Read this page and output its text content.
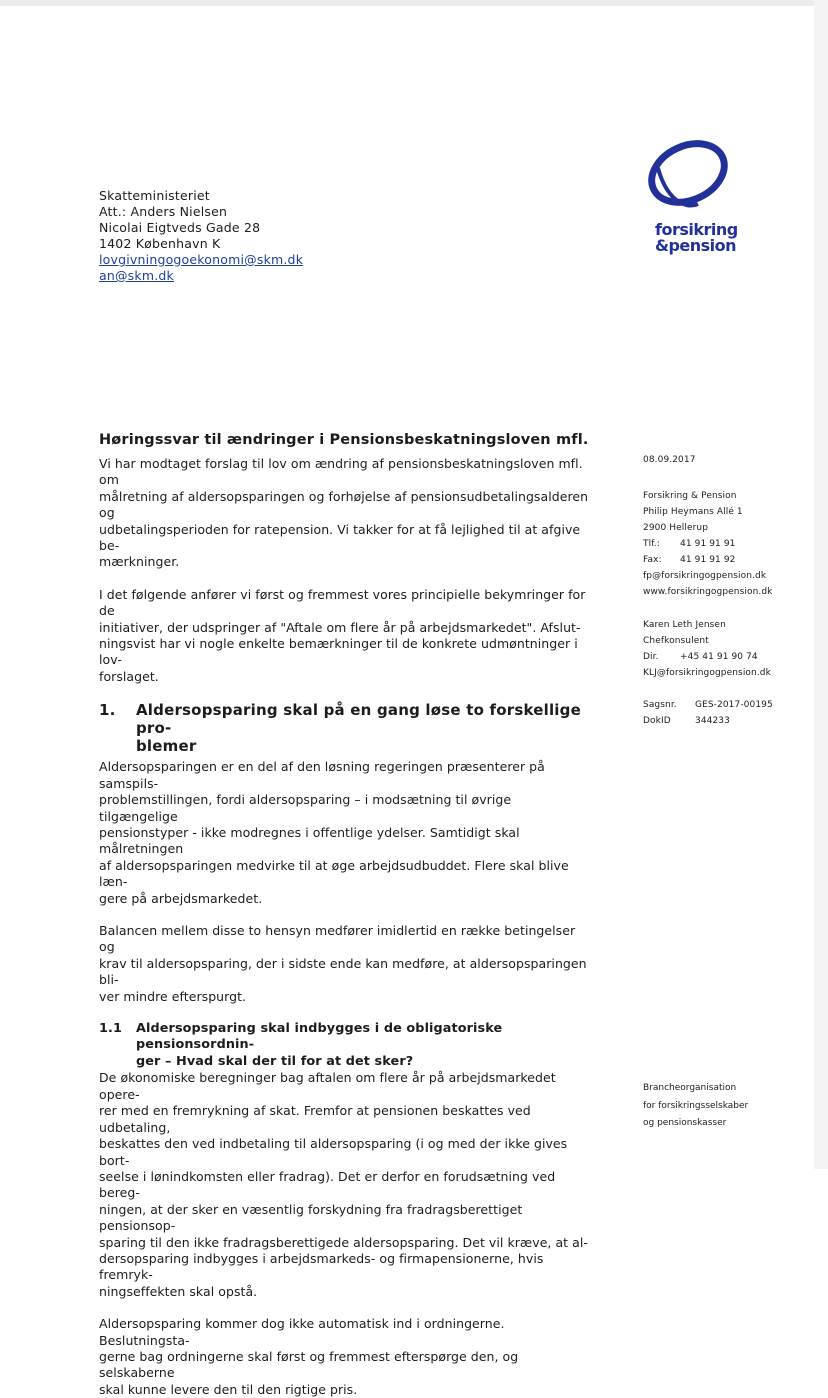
Skatteministeriet
Att.: Anders Nielsen
Nicolai Eigtveds Gade 28
1402 København K
lovgivningogoekonomi@skm.dk
an@skm.dk
forsikring
&pension

Høringssvar til ændringer i Pensionsbeskatningsloven mfl.

Vi har modtaget forslag til lov om ændring af pensionsbeskatningsloven mfl. om
målretning af aldersopsparingen og forhøjelse af pensionsudbetalingsalderen og
udbetalingsperioden for ratepension. Vi takker for at få lejlighed til at afgive be-
mærkninger.

I det følgende anfører vi først og fremmest vores principielle bekymringer for de
initiativer, der udspringer af "Aftale om flere år på arbejdsmarkedet". Afslut-
ningsvist har vi nogle enkelte bemærkninger til de konkrete udmøntninger i lov-
forslaget.

1.	Aldersopsparing skal på en gang løse to forskellige pro-
blemer

Aldersopsparingen er en del af den løsning regeringen præsenterer på samspils-
problemstillingen, fordi aldersopsparing – i modsætning til øvrige tilgængelige
pensionstyper - ikke modregnes i offentlige ydelser. Samtidigt skal målretningen
af aldersopsparingen medvirke til at øge arbejdsudbuddet. Flere skal blive læn-
gere på arbejdsmarkedet.

Balancen mellem disse to hensyn medfører imidlertid en række betingelser og
krav til aldersopsparing, der i sidste ende kan medføre, at aldersopsparingen bli-
ver mindre efterspurgt.

1.1	Aldersopsparing skal indbygges i de obligatoriske pensionsordnin-
ger – Hvad skal der til for at det sker?

De økonomiske beregninger bag aftalen om flere år på arbejdsmarkedet opere-
rer med en fremrykning af skat. Fremfor at pensionen beskattes ved udbetaling,
beskattes den ved indbetaling til aldersopsparing (i og med der ikke gives bort-
seelse i lønindkomsten eller fradrag). Det er derfor en forudsætning ved bereg-
ningen, at der sker en væsentlig forskydning fra fradragsberettiget pensionsop-
sparing til den ikke fradragsberettigede aldersopsparing. Det vil kræve, at al-
dersopsparing indbygges i arbejdsmarkeds- og firmapensionerne, hvis fremryk-
ningseffekten skal opstå.

Aldersopsparing kommer dog ikke automatisk ind i ordningerne. Beslutningsta-
gerne bag ordningerne skal først og fremmest efterspørge den, og selskaberne
skal kunne levere den til den rigtige pris.

08.09.2017
Forsikring & Pension
Philip Heymans Allé 1
2900 Hellerup
Tlf.:	41 91 91 91
Fax:	41 91 91 92
fp@forsikringogpension.dk
www.forsikringogpension.dk
Karen Leth Jensen
Chefkonsulent
Dir.	+45 41 91 90 74
KLJ@forsikringogpension.dk
Sagsnr.	GES-2017-00195
DokID	344233
Brancheorganisation
for forsikringsselskaber
og pensionskasser
